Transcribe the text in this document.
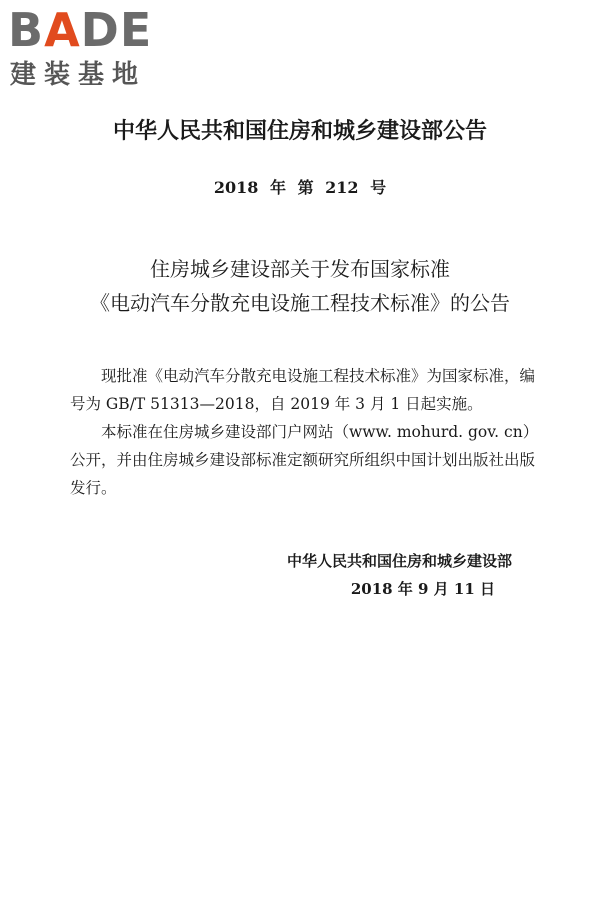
BADE
建装基地
中华人民共和国住房和城乡建设部公告
2018 年 第 212 号
住房城乡建设部关于发布国家标准
《电动汽车分散充电设施工程技术标准》的公告

现批准《电动汽车分散充电设施工程技术标准》为国家标准，编号为 GB/T 51313—2018，自 2019 年 3 月 1 日起实施。

本标准在住房城乡建设部门户网站（www. mohurd. gov. cn）公开，并由住房城乡建设部标准定额研究所组织中国计划出版社出版发行。

中华人民共和国住房和城乡建设部
2018 年 9 月 11 日
